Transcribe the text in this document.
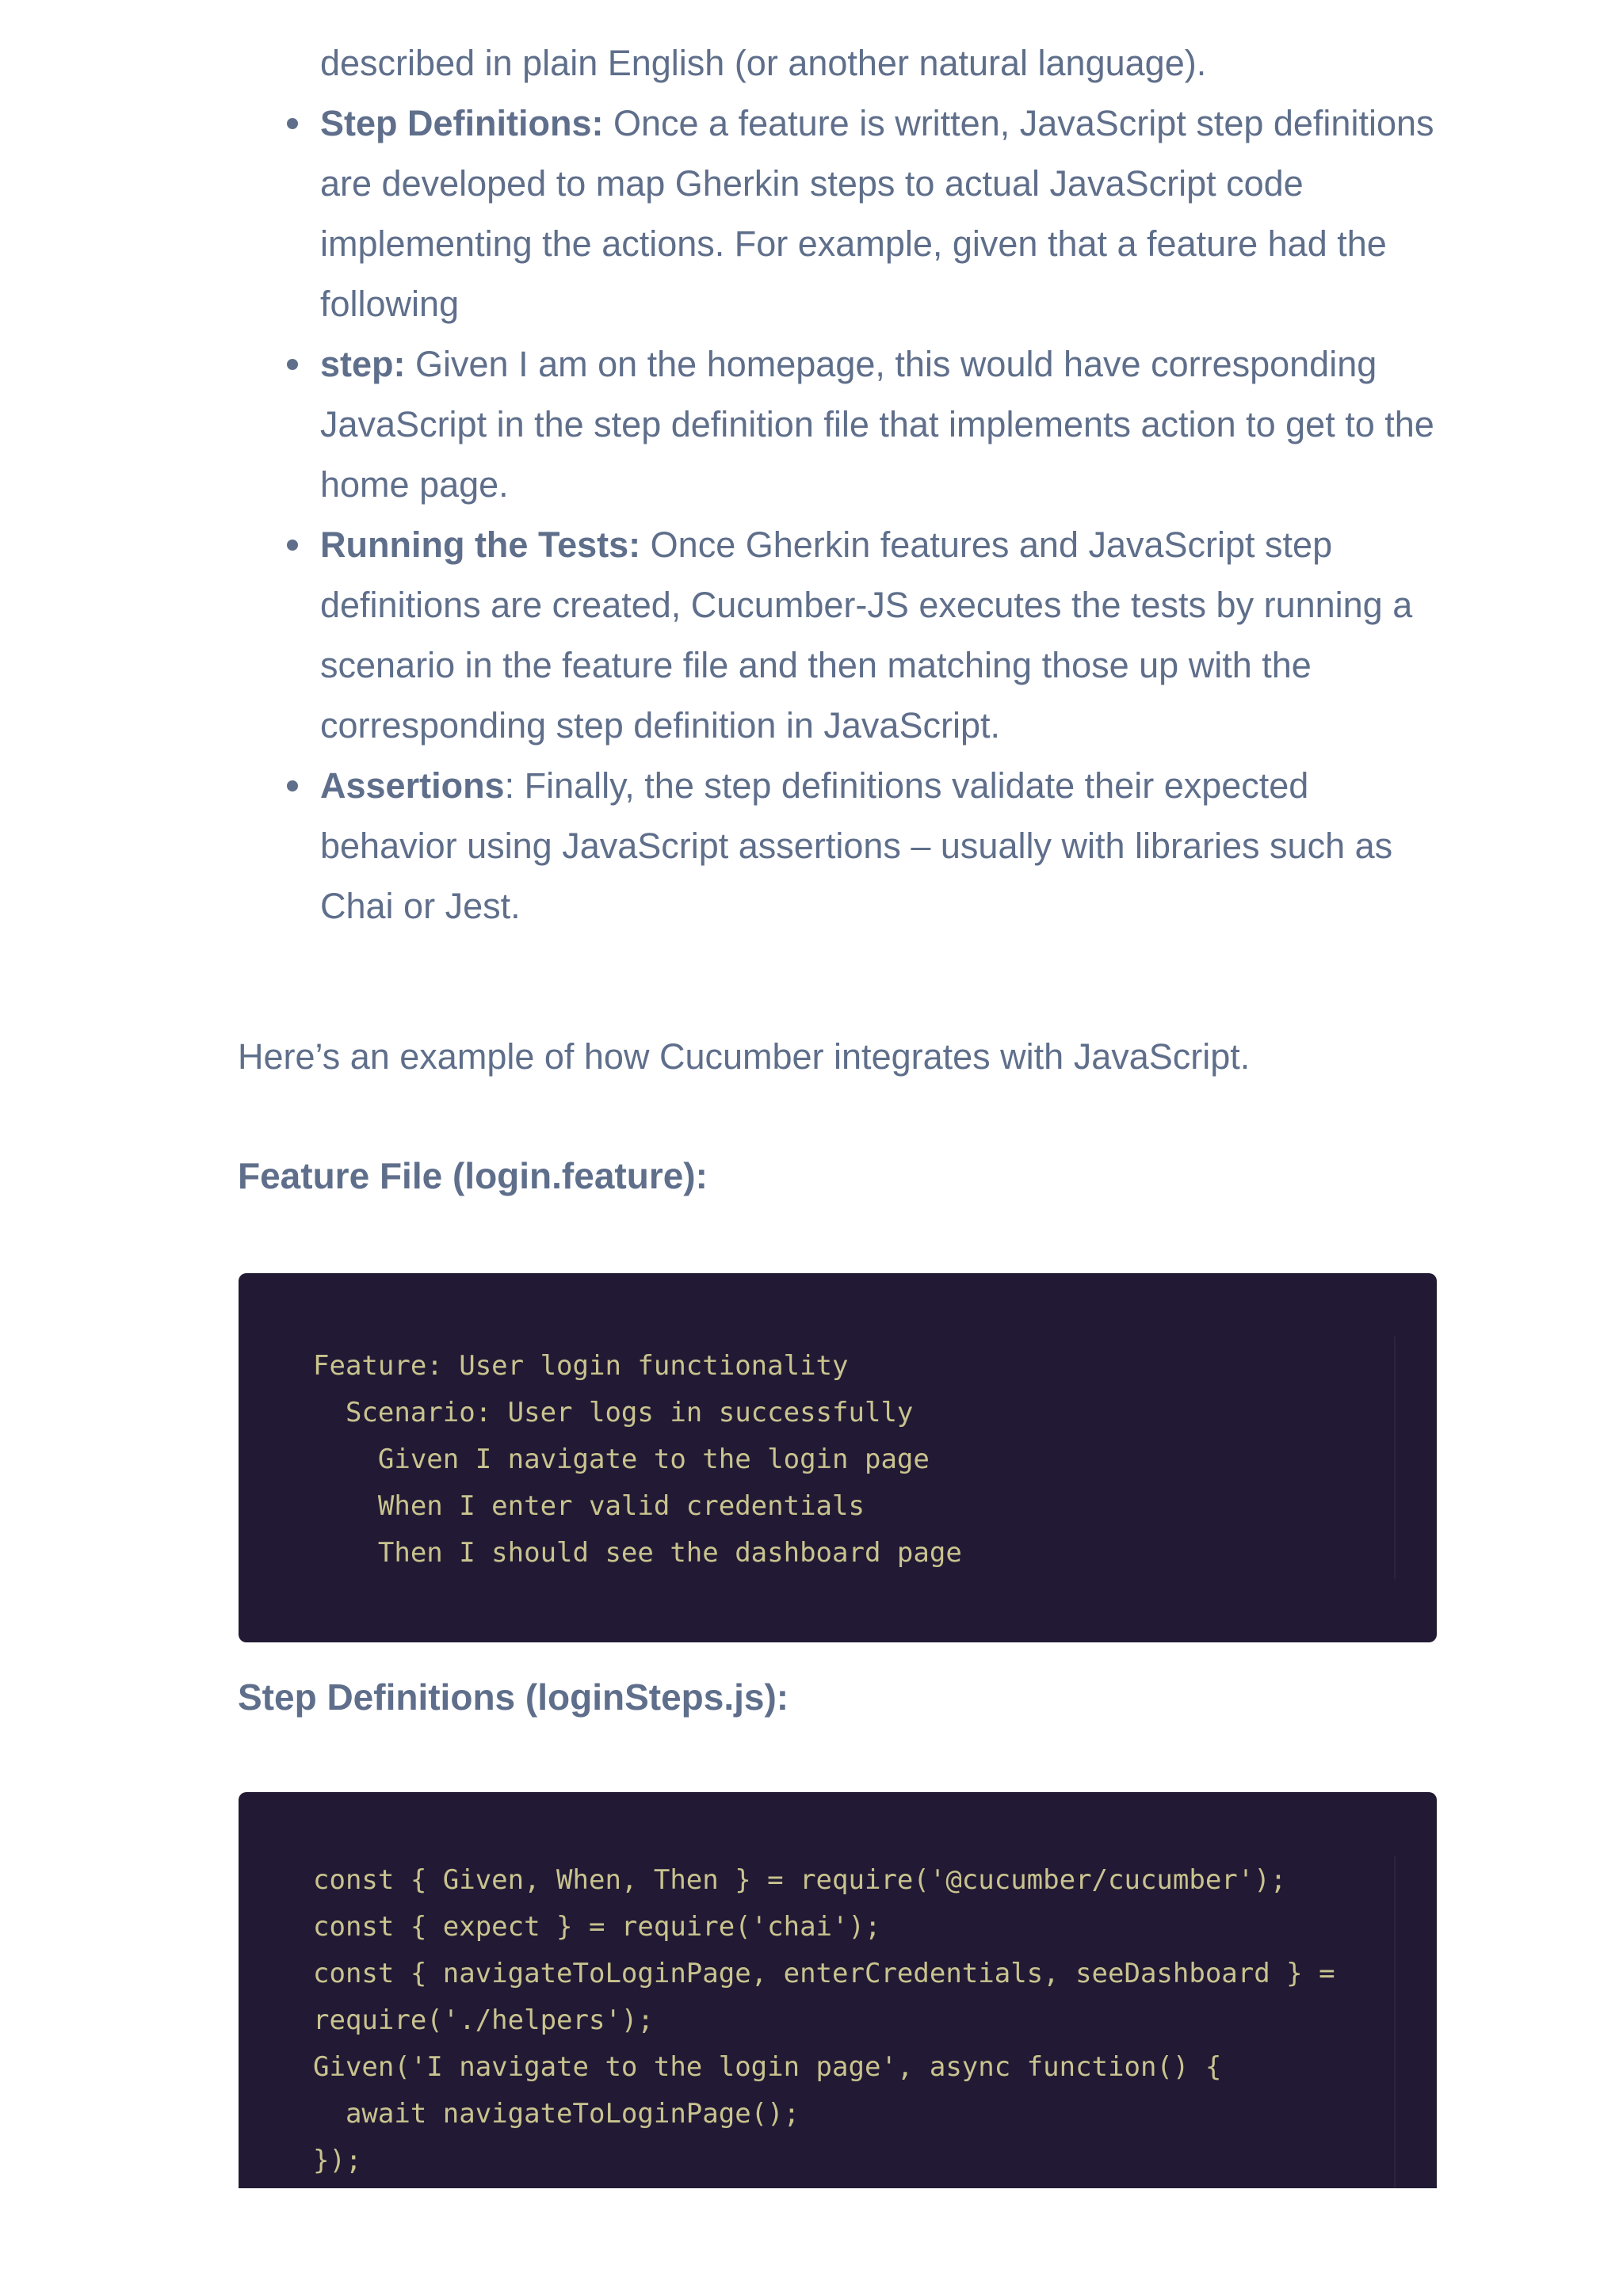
described in plain English (or another natural language).

Step Definitions: Once a feature is written, JavaScript step definitions are developed to map Gherkin steps to actual JavaScript code implementing the actions. For example, given that a feature had the following
step: Given I am on the homepage, this would have corresponding JavaScript in the step definition file that implements action to get to the home page.
Running the Tests: Once Gherkin features and JavaScript step definitions are created, Cucumber-JS executes the tests by running a scenario in the feature file and then matching those up with the corresponding step definition in JavaScript.
Assertions: Finally, the step definitions validate their expected behavior using JavaScript assertions – usually with libraries such as Chai or Jest.

Here’s an example of how Cucumber integrates with JavaScript.

Feature File (login.feature):
Feature: User login functionality
Scenario: User logs in successfully
Given I navigate to the login page
When I enter valid credentials
Then I should see the dashboard page
Step Definitions (loginSteps.js):
const { Given, When, Then } = require('@cucumber/cucumber');
const { expect } = require('chai');
const { navigateToLoginPage, enterCredentials, seeDashboard } =
require('./helpers');
Given('I navigate to the login page', async function() {
await navigateToLoginPage();
});
